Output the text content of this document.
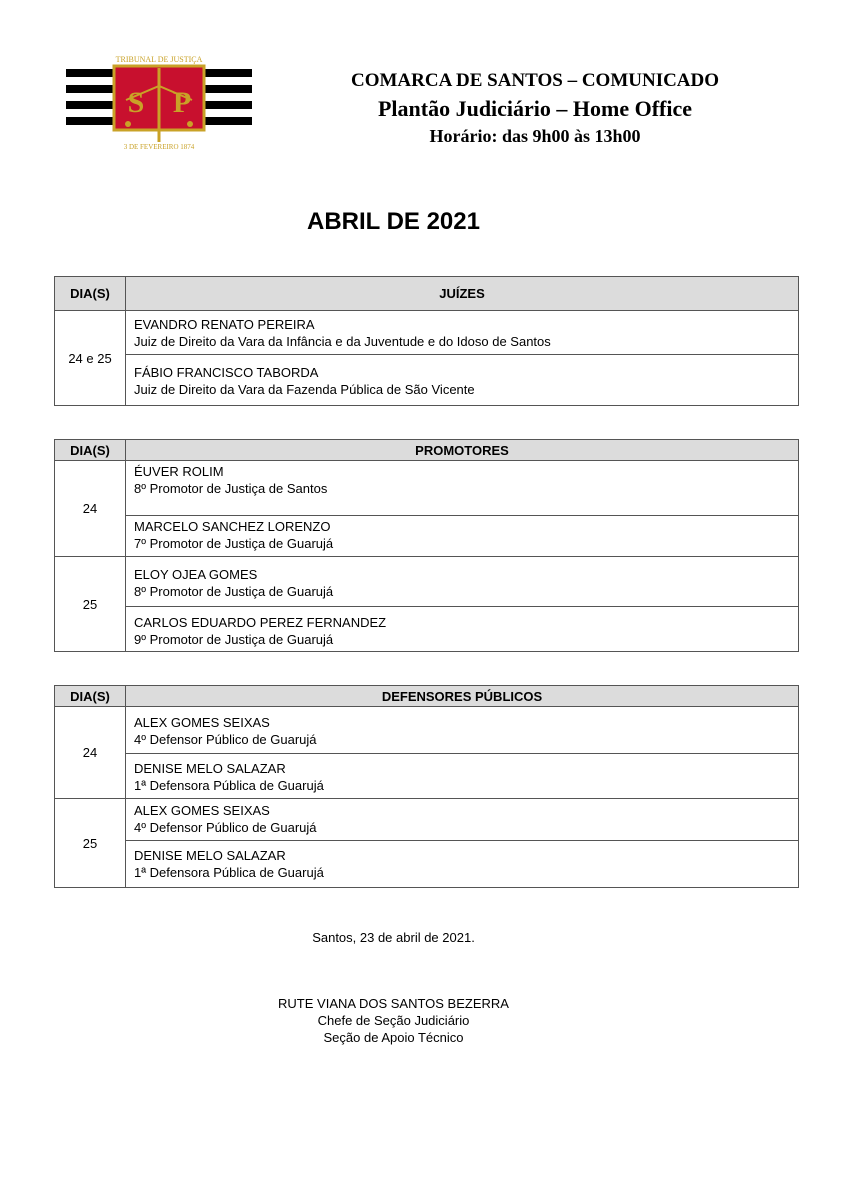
S P
TRIBUNAL DE JUSTIÇA
3 DE FEVEREIRO 1874
COMARCA DE SANTOS – COMUNICADO
Plantão Judiciário – Home Office
Horário: das 9h00 às 13h00
ABRIL DE 2021
DIA(S)	JUÍZES
24 e 25	EVANDRO RENATO PEREIRA
Juiz de Direito da Vara da Infância e da Juventude e do Idoso de Santos

	FÁBIO FRANCISCO TABORDA
Juiz de Direito da Vara da Fazenda Pública de São Vicente
DIA(S)	PROMOTORES
24	ÉUVER ROLIM
8º Promotor de Justiça de Santos

	MARCELO SANCHEZ LORENZO
7º Promotor de Justiça de Guarujá

25	ELOY OJEA GOMES
8º Promotor de Justiça de Guarujá

	CARLOS EDUARDO PEREZ FERNANDEZ
9º Promotor de Justiça de Guarujá
DIA(S)	DEFENSORES PÚBLICOS
24	ALEX GOMES SEIXAS
4º Defensor Público de Guarujá

	DENISE MELO SALAZAR
1ª Defensora Pública de Guarujá

25	ALEX GOMES SEIXAS
4º Defensor Público de Guarujá

	DENISE MELO SALAZAR
1ª Defensora Pública de Guarujá
Santos, 23 de abril de 2021.
RUTE VIANA DOS SANTOS BEZERRA
Chefe de Seção Judiciário
Seção de Apoio Técnico
